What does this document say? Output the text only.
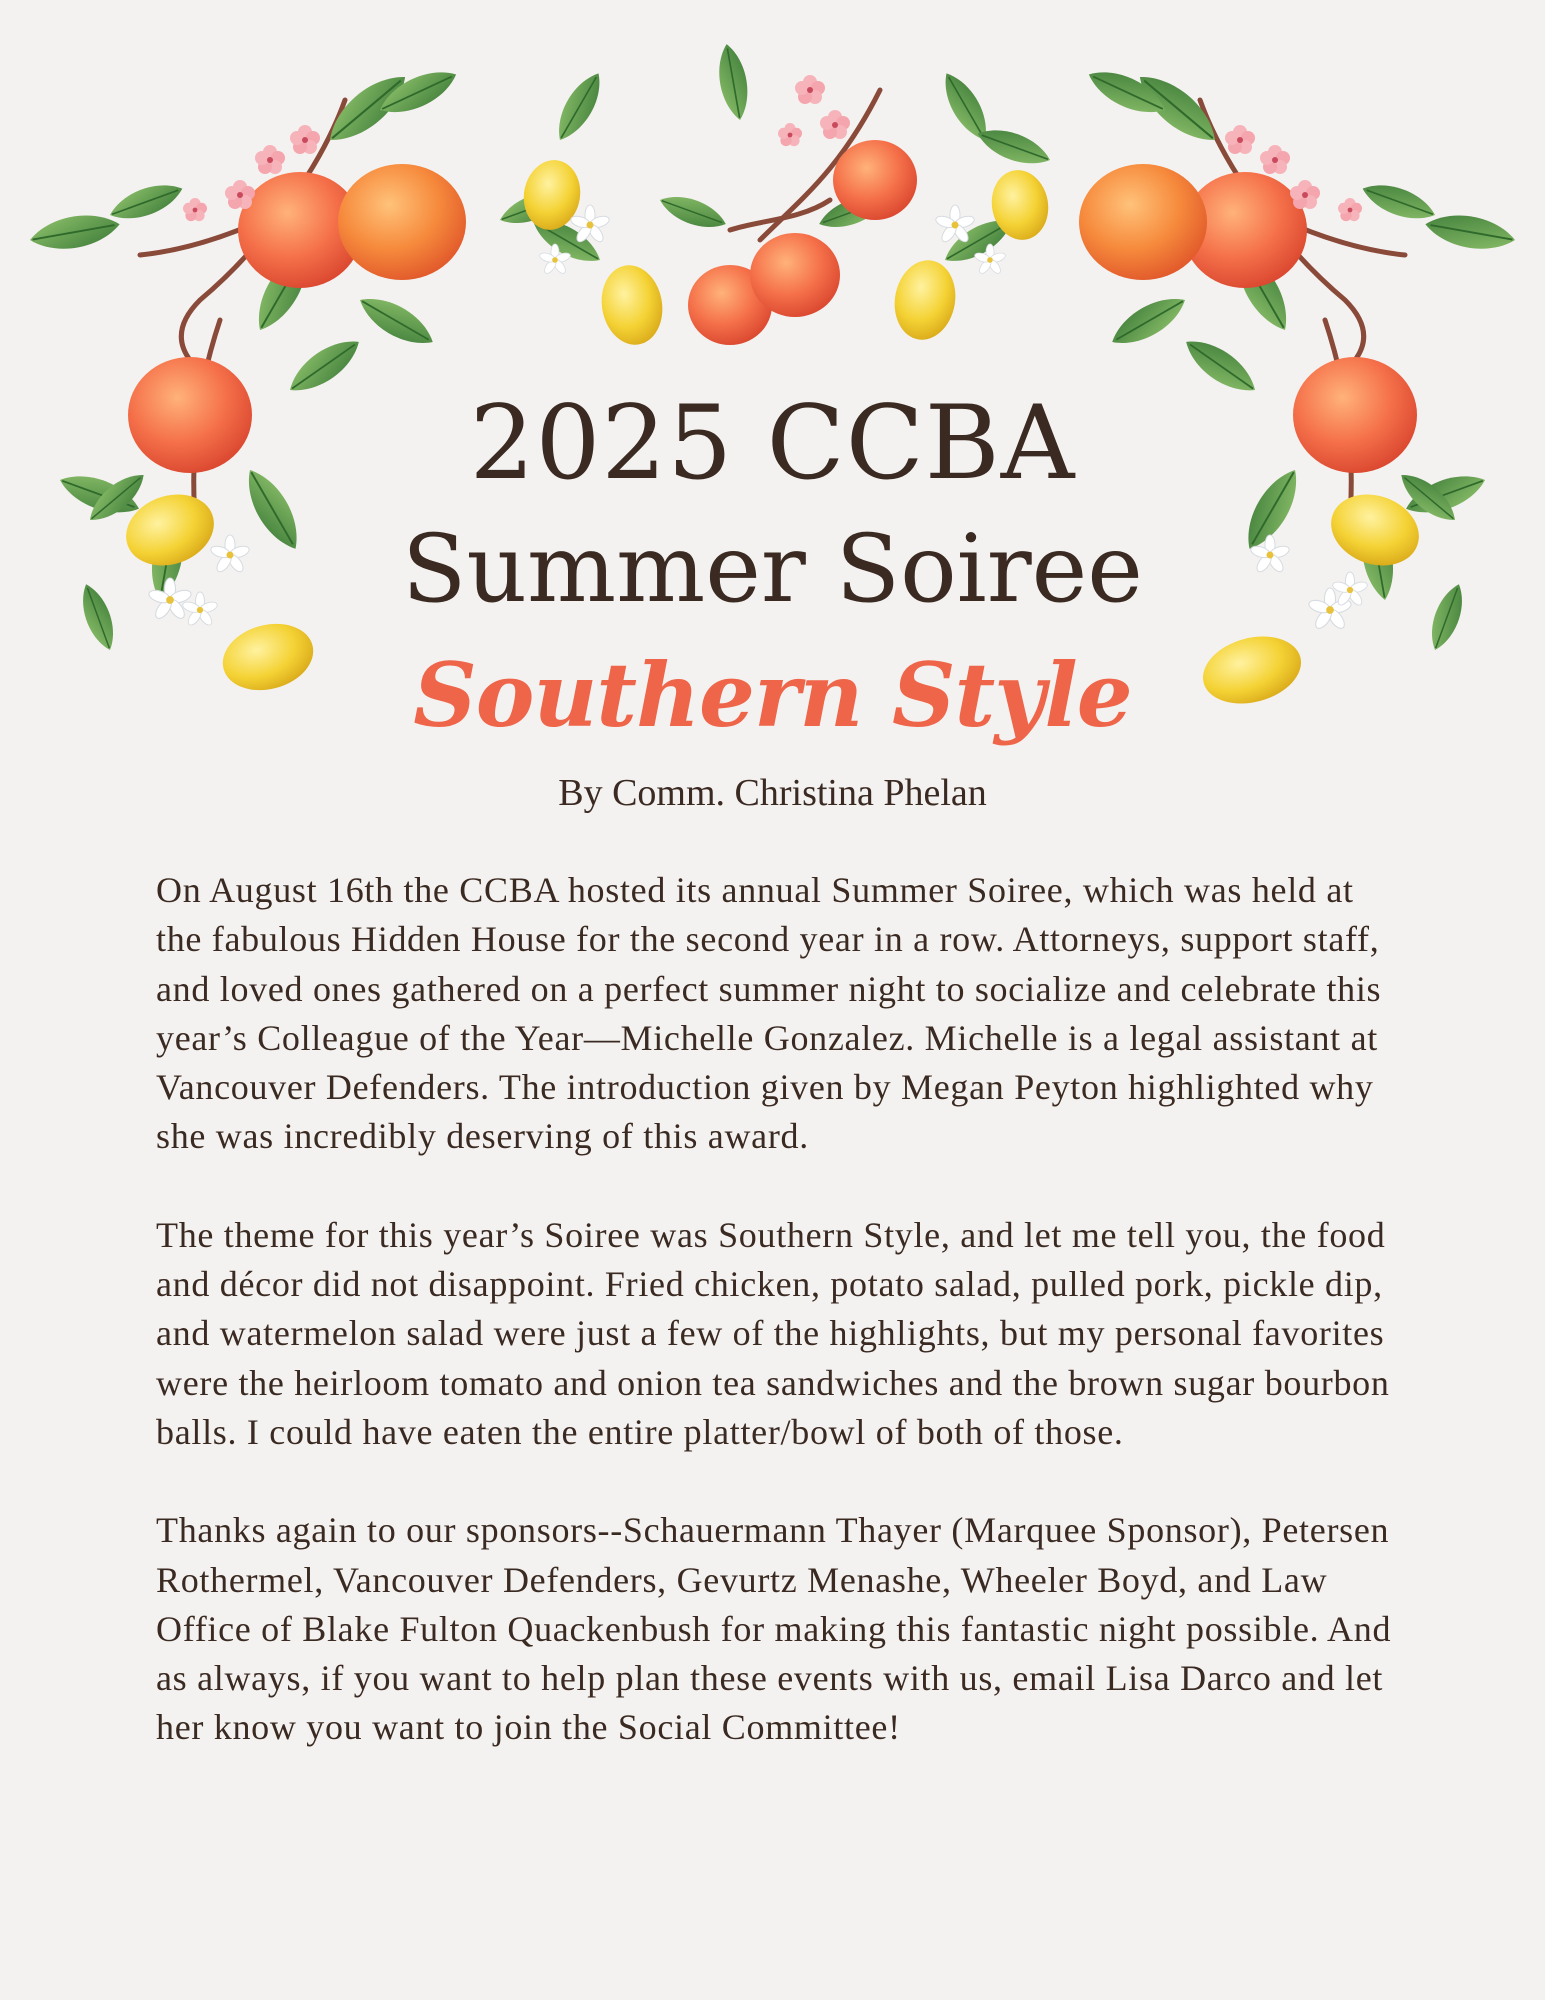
2025 CCBA
Summer Soiree
Southern Style
By Comm. Christina Phelan

On August 16th the CCBA hosted its annual Summer Soiree, which was held at the fabulous Hidden House for the second year in a row. Attorneys, support staff, and loved ones gathered on a perfect summer night to socialize and celebrate this year’s Colleague of the Year—Michelle Gonzalez. Michelle is a legal assistant at Vancouver Defenders. The introduction given by Megan Peyton highlighted why she was incredibly deserving of this award.

The theme for this year’s Soiree was Southern Style, and let me tell you, the food and décor did not disappoint. Fried chicken, potato salad, pulled pork, pickle dip, and watermelon salad were just a few of the highlights, but my personal favorites were the heirloom tomato and onion tea sandwiches and the brown sugar bourbon balls. I could have eaten the entire platter/bowl of both of those.

Thanks again to our sponsors--Schauermann Thayer (Marquee Sponsor), Petersen Rothermel, Vancouver Defenders, Gevurtz Menashe, Wheeler Boyd, and Law Office of Blake Fulton Quackenbush for making this fantastic night possible. And as always, if you want to help plan these events with us, email Lisa Darco and let her know you want to join the Social Committee!
